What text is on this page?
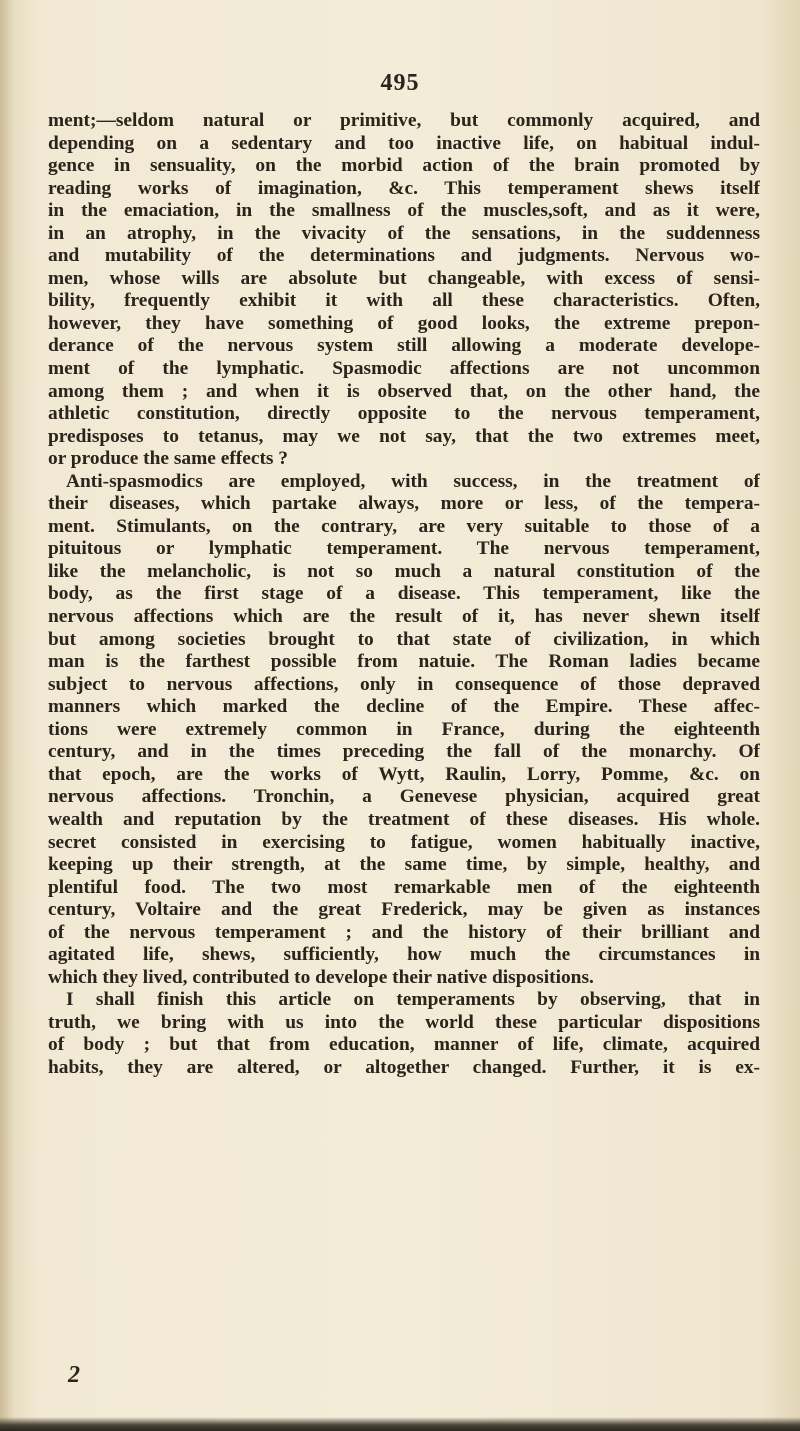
495
ment;—seldom natural or primitive, but commonly acquired, and
depending on a sedentary and too inactive life, on habitual indul-
gence in sensuality, on the morbid action of the brain promoted by
reading works of imagination, &c. This temperament shews itself
in the emaciation, in the smallness of the muscles,soft, and as it were,
in an atrophy, in the vivacity of the sensations, in the suddenness
and mutability of the determinations and judgments. Nervous wo-
men, whose wills are absolute but changeable, with excess of sensi-
bility, frequently exhibit it with all these characteristics. Often,
however, they have something of good looks, the extreme prepon-
derance of the nervous system still allowing a moderate develope-
ment of the lymphatic. Spasmodic affections are not uncommon
among them ; and when it is observed that, on the other hand, the
athletic constitution, directly opposite to the nervous temperament,
predisposes to tetanus, may we not say, that the two extremes meet,
or produce the same effects ?
Anti-spasmodics are employed, with success, in the treatment of
their diseases, which partake always, more or less, of the tempera-
ment. Stimulants, on the contrary, are very suitable to those of a
pituitous or lymphatic temperament. The nervous temperament,
like the melancholic, is not so much a natural constitution of the
body, as the first stage of a disease. This temperament, like the
nervous affections which are the result of it, has never shewn itself
but among societies brought to that state of civilization, in which
man is the farthest possible from natuie. The Roman ladies became
subject to nervous affections, only in consequence of those depraved
manners which marked the decline of the Empire. These affec-
tions were extremely common in France, during the eighteenth
century, and in the times preceding the fall of the monarchy. Of
that epoch, are the works of Wytt, Raulin, Lorry, Pomme, &c. on
nervous affections. Tronchin, a Genevese physician, acquired great
wealth and reputation by the treatment of these diseases. His whole.
secret consisted in exercising to fatigue, women habitually inactive,
keeping up their strength, at the same time, by simple, healthy, and
plentiful food. The two most remarkable men of the eighteenth
century, Voltaire and the great Frederick, may be given as instances
of the nervous temperament ; and the history of their brilliant and
agitated life, shews, sufficiently, how much the circumstances in
which they lived, contributed to develope their native dispositions.
I shall finish this article on temperaments by observing, that in
truth, we bring with us into the world these particular dispositions
of body ; but that from education, manner of life, climate, acquired
habits, they are altered, or altogether changed. Further, it is ex-
2
